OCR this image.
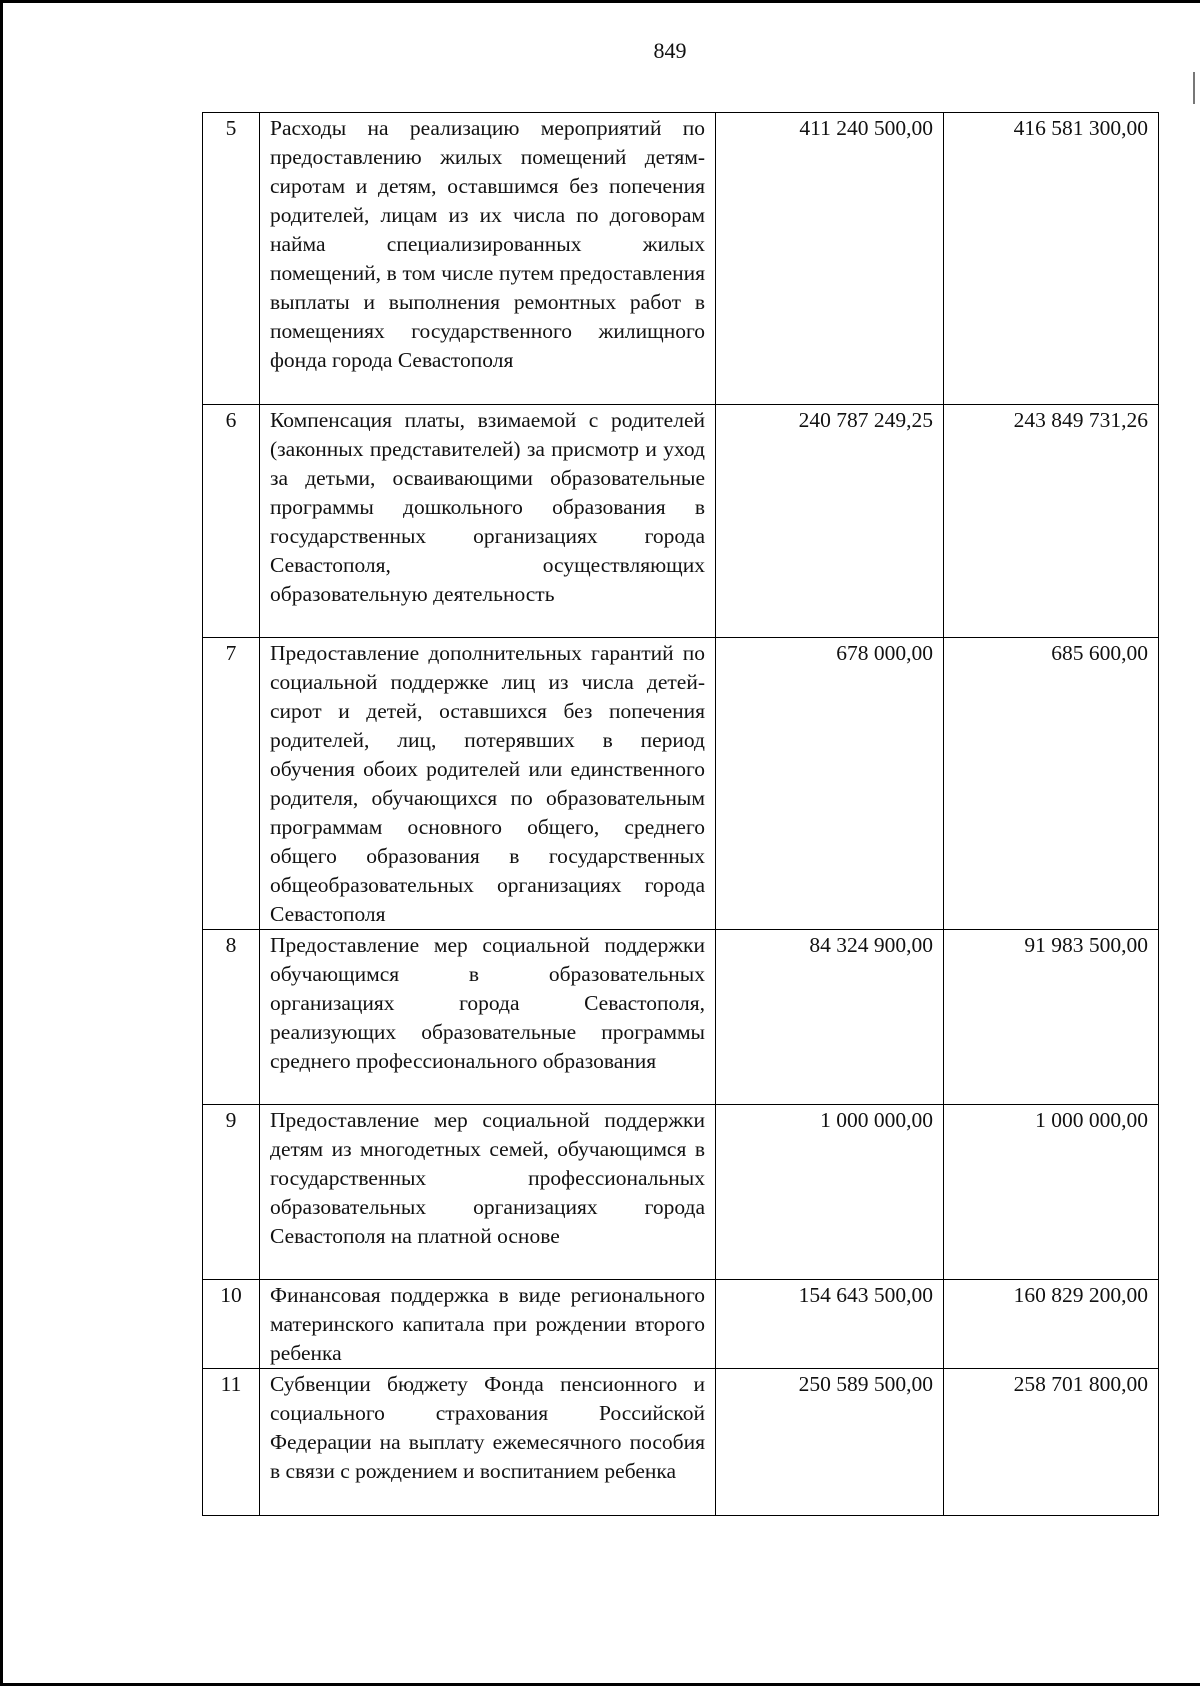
849
5	Расходы на реализацию мероприятий по предоставлению жилых помещений детям-сиротам и детям, оставшимся без попечения родителей, лицам из их числа по договорам найма специализированных жилых помещений, в том числе путем предоставления выплаты и выполнения ремонтных работ в помещениях государственного жилищного фонда города Севастополя	411 240 500,00	416 581 300,00
6	Компенсация платы, взимаемой с родителей (законных представителей) за присмотр и уход за детьми, осваивающими образовательные программы дошкольного образования в государственных организациях города Севастополя, осуществляющих образовательную деятельность	240 787 249,25	243 849 731,26
7	Предоставление дополнительных гарантий по социальной поддержке лиц из числа детей-сирот и детей, оставшихся без попечения родителей, лиц, потерявших в период обучения обоих родителей или единственного родителя, обучающихся по образовательным программам основного общего, среднего общего образования в государственных общеобразовательных организациях города Севастополя	678 000,00	685 600,00
8	Предоставление мер социальной поддержки обучающимся в образовательных организациях города Севастополя, реализующих образовательные программы среднего профессионального образования	84 324 900,00	91 983 500,00
9	Предоставление мер социальной поддержки детям из многодетных семей, обучающимся в государственных профессиональных образовательных организациях города Севастополя на платной основе	1 000 000,00	1 000 000,00
10	Финансовая поддержка в виде регионального материнского капитала при рождении второго ребенка	154 643 500,00	160 829 200,00
11	Субвенции бюджету Фонда пенсионного и социального страхования Российской Федерации на выплату ежемесячного пособия в связи с рождением и воспитанием ребенка	250 589 500,00	258 701 800,00
